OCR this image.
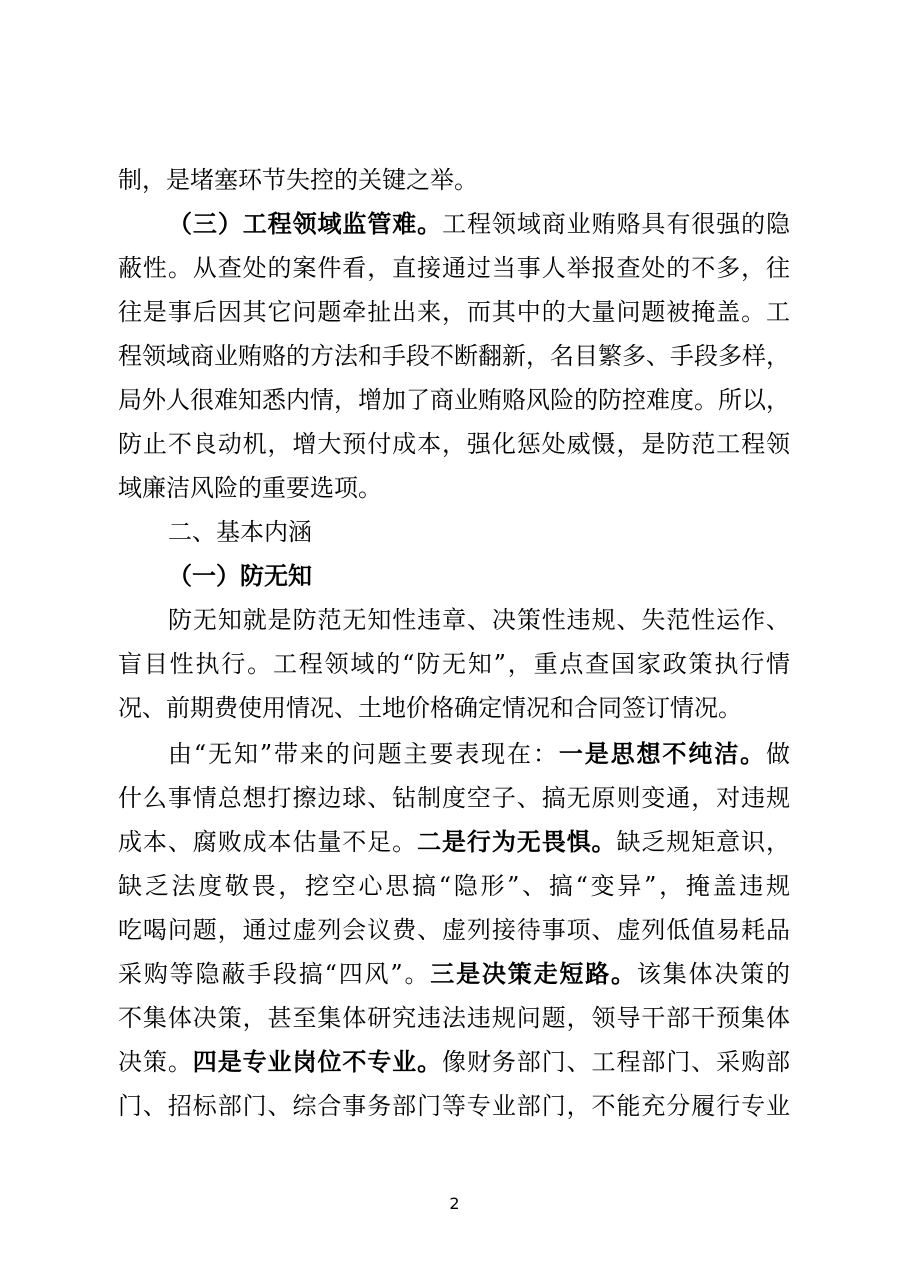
制，是堵塞环节失控的关键之举。
（三）工程领域监管难。工程领域商业贿赂具有很强的隐
蔽性。从查处的案件看，直接通过当事人举报查处的不多，往
往是事后因其它问题牵扯出来，而其中的大量问题被掩盖。工
程领域商业贿赂的方法和手段不断翻新，名目繁多、手段多样，
局外人很难知悉内情，增加了商业贿赂风险的防控难度。所以，
防止不良动机，增大预付成本，强化惩处威慑，是防范工程领
域廉洁风险的重要选项。
二、基本内涵
（一）防无知
防无知就是防范无知性违章、决策性违规、失范性运作、
盲目性执行。工程领域的“防无知”，重点查国家政策执行情
况、前期费使用情况、土地价格确定情况和合同签订情况。
由“无知”带来的问题主要表现在：一是思想不纯洁。做
什么事情总想打擦边球、钻制度空子、搞无原则变通，对违规
成本、腐败成本估量不足。二是行为无畏惧。缺乏规矩意识，
缺乏法度敬畏，挖空心思搞“隐形”、搞“变异”，掩盖违规
吃喝问题，通过虚列会议费、虚列接待事项、虚列低值易耗品
采购等隐蔽手段搞“四风”。三是决策走短路。该集体决策的
不集体决策，甚至集体研究违法违规问题，领导干部干预集体
决策。四是专业岗位不专业。像财务部门、工程部门、采购部
门、招标部门、综合事务部门等专业部门，不能充分履行专业
2
